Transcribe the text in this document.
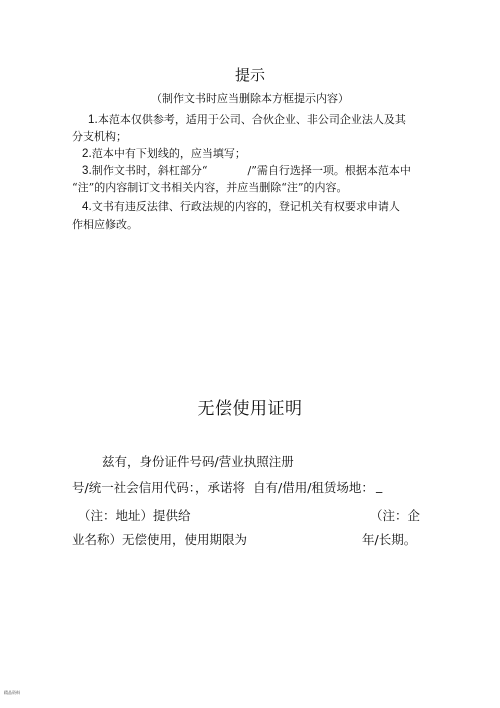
提示
（制作文书时应当删除本方框提示内容）
1.本范本仅供参考，适用于公司、合伙企业、非公司企业法人及其
分支机构；
2.范本中有下划线的，应当填写；
3.制作文书时，斜杠部分“	/”需自行选择一项。根据本范本中
“注”的内容制订文书相关内容，并应当删除“注”的内容。
4.文书有违反法律、行政法规的内容的，登记机关有权要求申请人
作相应修改。
无偿使用证明
兹有，身份证件号码/营业执照注册
号/统一社会信用代码：，承诺将 自有/借用/租赁场地： _
（注：地址）提供给	（注：企
业名称）无偿使用，使用期限为	年/长期。
精品资料
